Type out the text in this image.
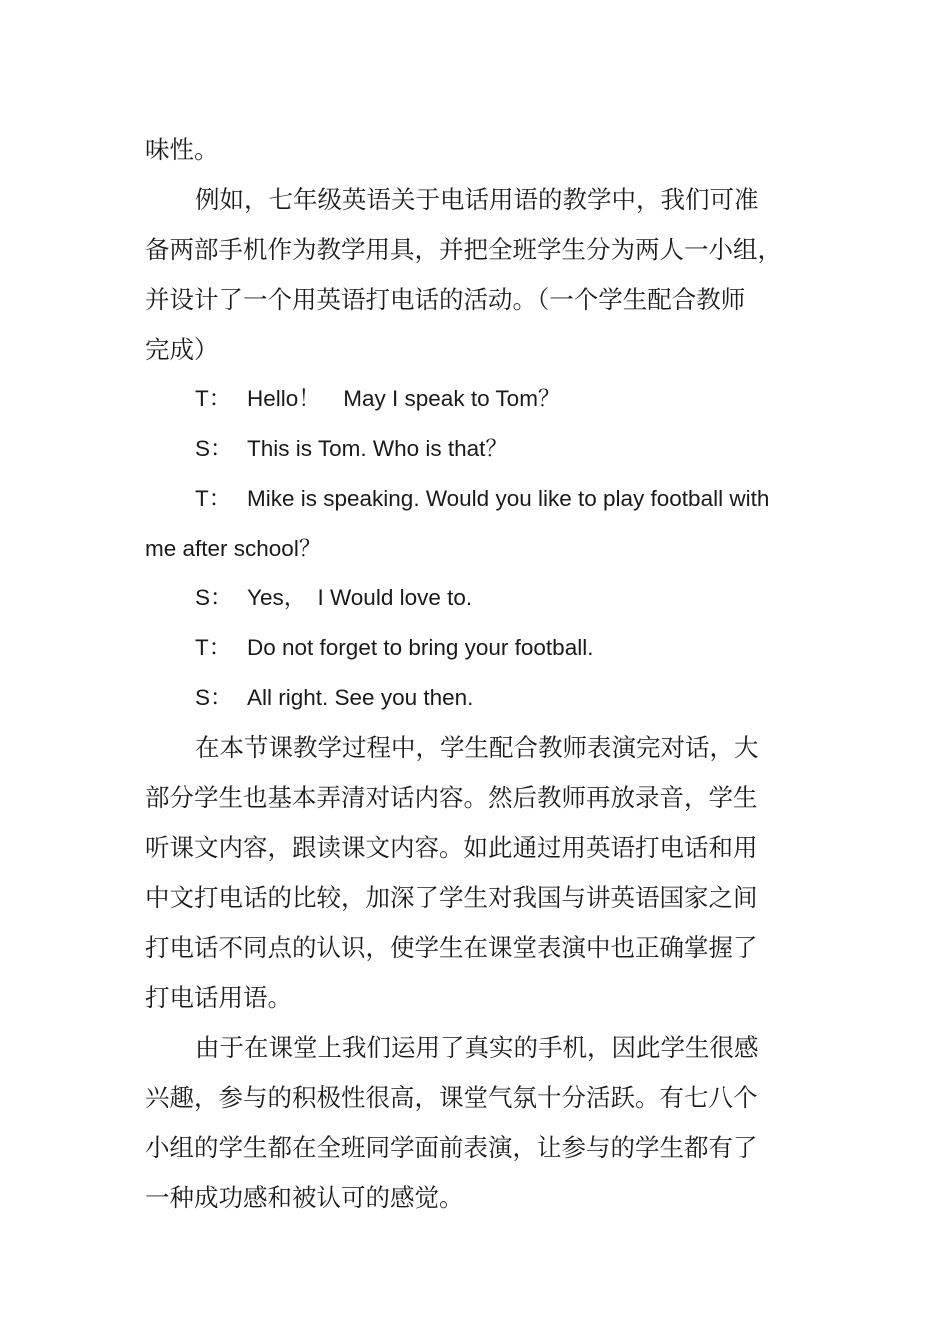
味性。
例如，七年级英语关于电话用语的教学中，我们可准
备两部手机作为教学用具，并把全班学生分为两人一小组，
并设计了一个用英语打电话的活动。（一个学生配合教师
完成）
T： Hello！　May I speak to Tom？
S： This is Tom. Who is that？
T： Mike is speaking. Would you like to play football with
me after school？
S： Yes，　I Would love to.
T： Do not forget to bring your football.
S： All right. See you then.
在本节课教学过程中，学生配合教师表演完对话，大
部分学生也基本弄清对话内容。然后教师再放录音，学生
听课文内容，跟读课文内容。如此通过用英语打电话和用
中文打电话的比较，加深了学生对我国与讲英语国家之间
打电话不同点的认识，使学生在课堂表演中也正确掌握了
打电话用语。
由于在课堂上我们运用了真实的手机，因此学生很感
兴趣，参与的积极性很高，课堂气氛十分活跃。有七八个
小组的学生都在全班同学面前表演，让参与的学生都有了
一种成功感和被认可的感觉。
